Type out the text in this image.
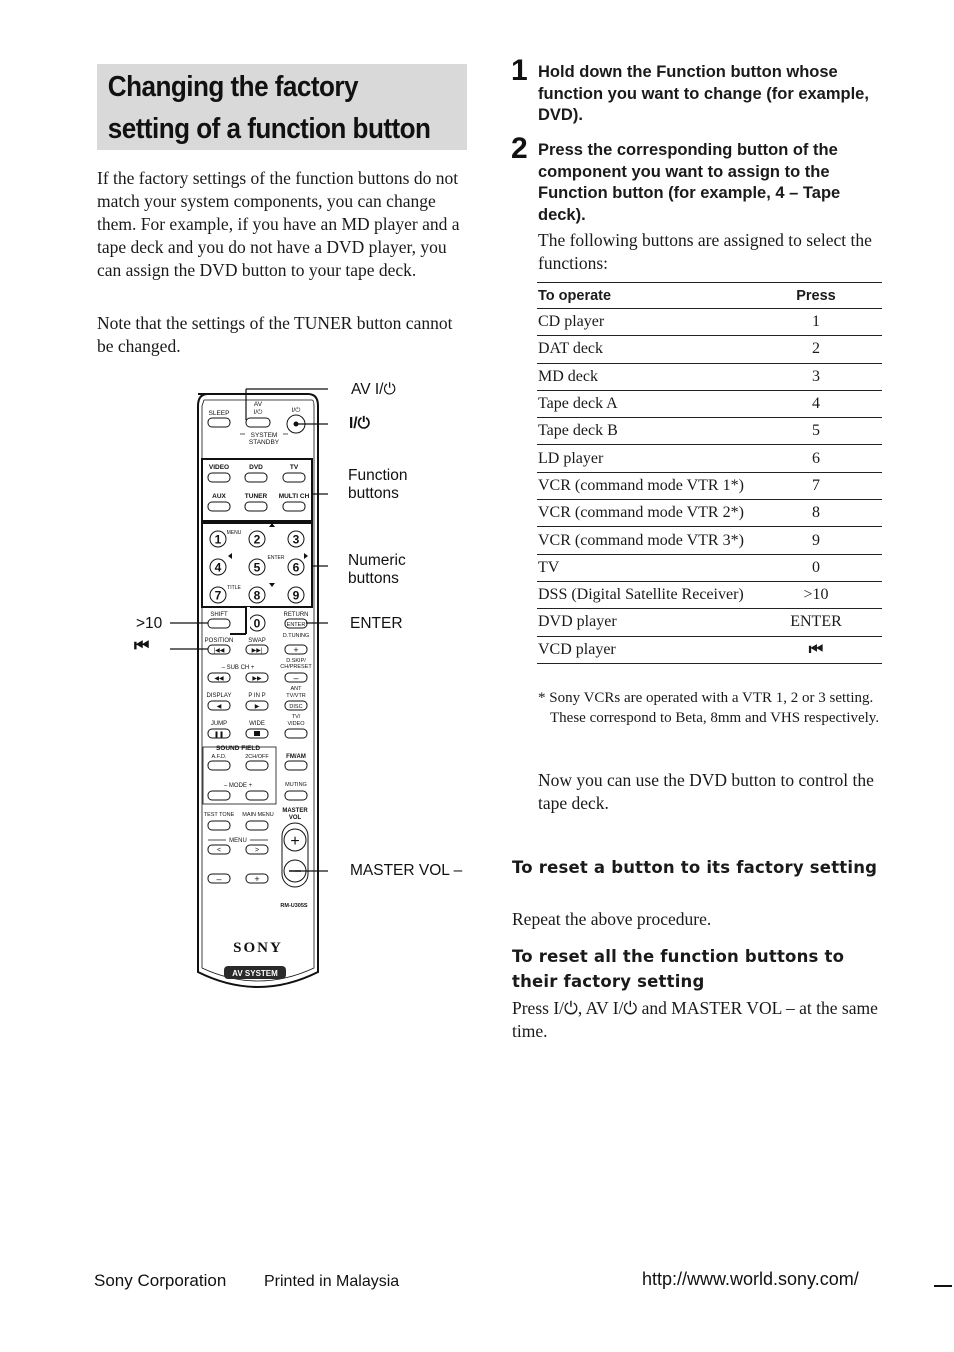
Changing the factory
setting of a function button

If the factory settings of the function buttons do not match your system components, you can change them. For example, if you have an MD player and a tape deck and you do not have a DVD player, you can assign the DVD button to your tape deck.

Note that the settings of the TUNER button cannot be changed.

SLEEP
AV
I/⏻	I/⏻
SYSTEM
STANDBY
VIDEO	DVD	TV
AUX	TUNER MULTI CH
MENU
ENTER
TITLE
1	2	3
4	5	6
7	8	9
0
SHIFT	RETURN
ENTER
POSITION
|◀◀
SWAP
▶▶|
D.TUNING
+
D.SKIP/
CH/PRESET
– SUB CH +
◀◀	▶▶	–
DISPLAY
◀
P IN P
▶
ANT
TV/VTR
DISC
JUMP
❚❚
WIDE
TV/
VIDEO
SOUND FIELD
A.F.D.	2CH/OFF
– MODE +
FM/AM
MUTING
TEST TONE MAIN MENU
MASTER
VOL
+
MENU
<	>
–	+
RM-U305S
SONY
AV SYSTEM
AV I/⏻
I/⏻
Function
buttons
Numeric
buttons
ENTER
>10
⏮
MASTER VOL –
1 Hold down the Function button whose function you want to change (for example, DVD).
2 Press the corresponding button of the component you want to assign to the Function button (for example, 4 – Tape deck).

The following buttons are assigned to select the functions:

To operate	Press
CD player	1
DAT deck	2
MD deck	3
Tape deck A	4
Tape deck B	5
LD player	6
VCR (command mode VTR 1*)	7
VCR (command mode VTR 2*)	8
VCR (command mode VTR 3*)	9
TV	0
DSS (Digital Satellite Receiver)	>10
DVD player	ENTER
VCD player	⏮
* Sony VCRs are operated with a VTR 1, 2 or 3 setting. These correspond to Beta, 8mm and VHS respectively.

Now you can use the DVD button to control the tape deck.

To reset a button to its factory setting

Repeat the above procedure.

To reset all the function buttons to their factory setting

Press I/⏻, AV I/⏻ and MASTER VOL – at the same time.

Sony Corporation Printed in Malaysia	http://www.world.sony.com/
